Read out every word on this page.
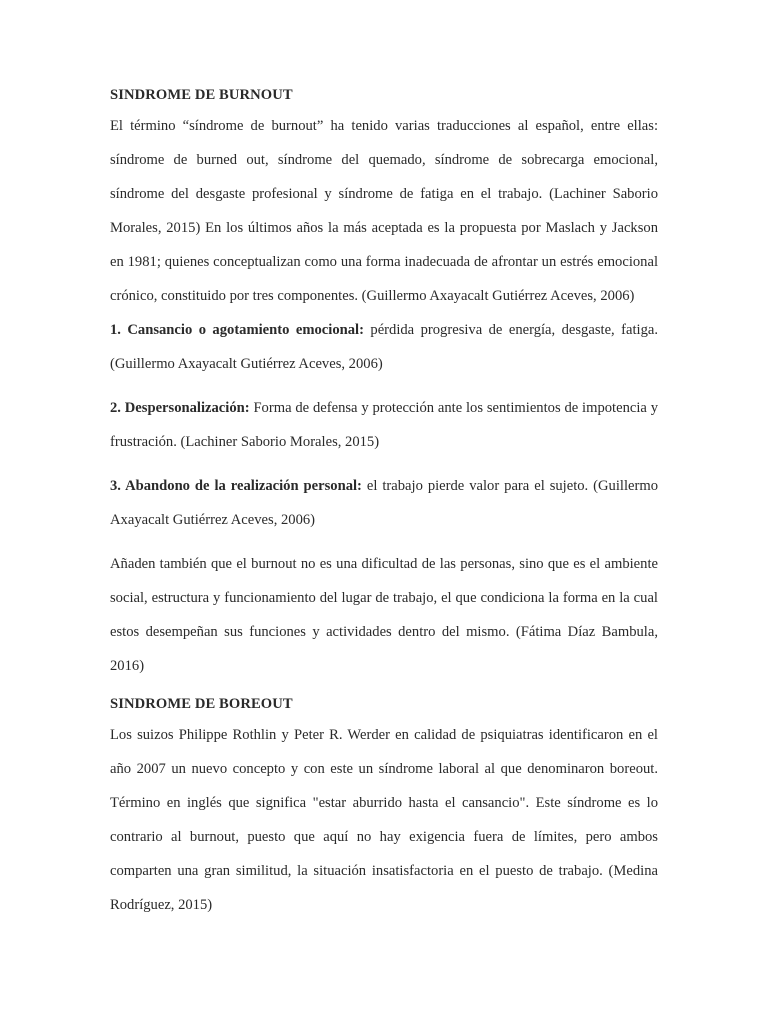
SINDROME DE BURNOUT

El término “síndrome de burnout” ha tenido varias traducciones al español, entre ellas: síndrome de burned out, síndrome del quemado, síndrome de sobrecarga emocional, síndrome del desgaste profesional y síndrome de fatiga en el trabajo. (Lachiner Saborio Morales, 2015) En los últimos años la más aceptada es la propuesta por Maslach y Jackson en 1981; quienes conceptualizan como una forma inadecuada de afrontar un estrés emocional crónico, constituido por tres componentes. (Guillermo Axayacalt Gutiérrez Aceves, 2006)

1. Cansancio o agotamiento emocional: pérdida progresiva de energía, desgaste, fatiga. (Guillermo Axayacalt Gutiérrez Aceves, 2006)

2. Despersonalización: Forma de defensa y protección ante los sentimientos de impotencia y frustración. (Lachiner Saborio Morales, 2015)

3. Abandono de la realización personal: el trabajo pierde valor para el sujeto. (Guillermo Axayacalt Gutiérrez Aceves, 2006)

Añaden también que el burnout no es una dificultad de las personas, sino que es el ambiente social, estructura y funcionamiento del lugar de trabajo, el que condiciona la forma en la cual estos desempeñan sus funciones y actividades dentro del mismo. (Fátima Díaz Bambula, 2016)

SINDROME DE BOREOUT

Los suizos Philippe Rothlin y Peter R. Werder en calidad de psiquiatras identificaron en el año 2007 un nuevo concepto y con este un síndrome laboral al que denominaron boreout. Término en inglés que significa "estar aburrido hasta el cansancio". Este síndrome es lo contrario al burnout, puesto que aquí no hay exigencia fuera de límites, pero ambos comparten una gran similitud, la situación insatisfactoria en el puesto de trabajo. (Medina Rodríguez, 2015)
